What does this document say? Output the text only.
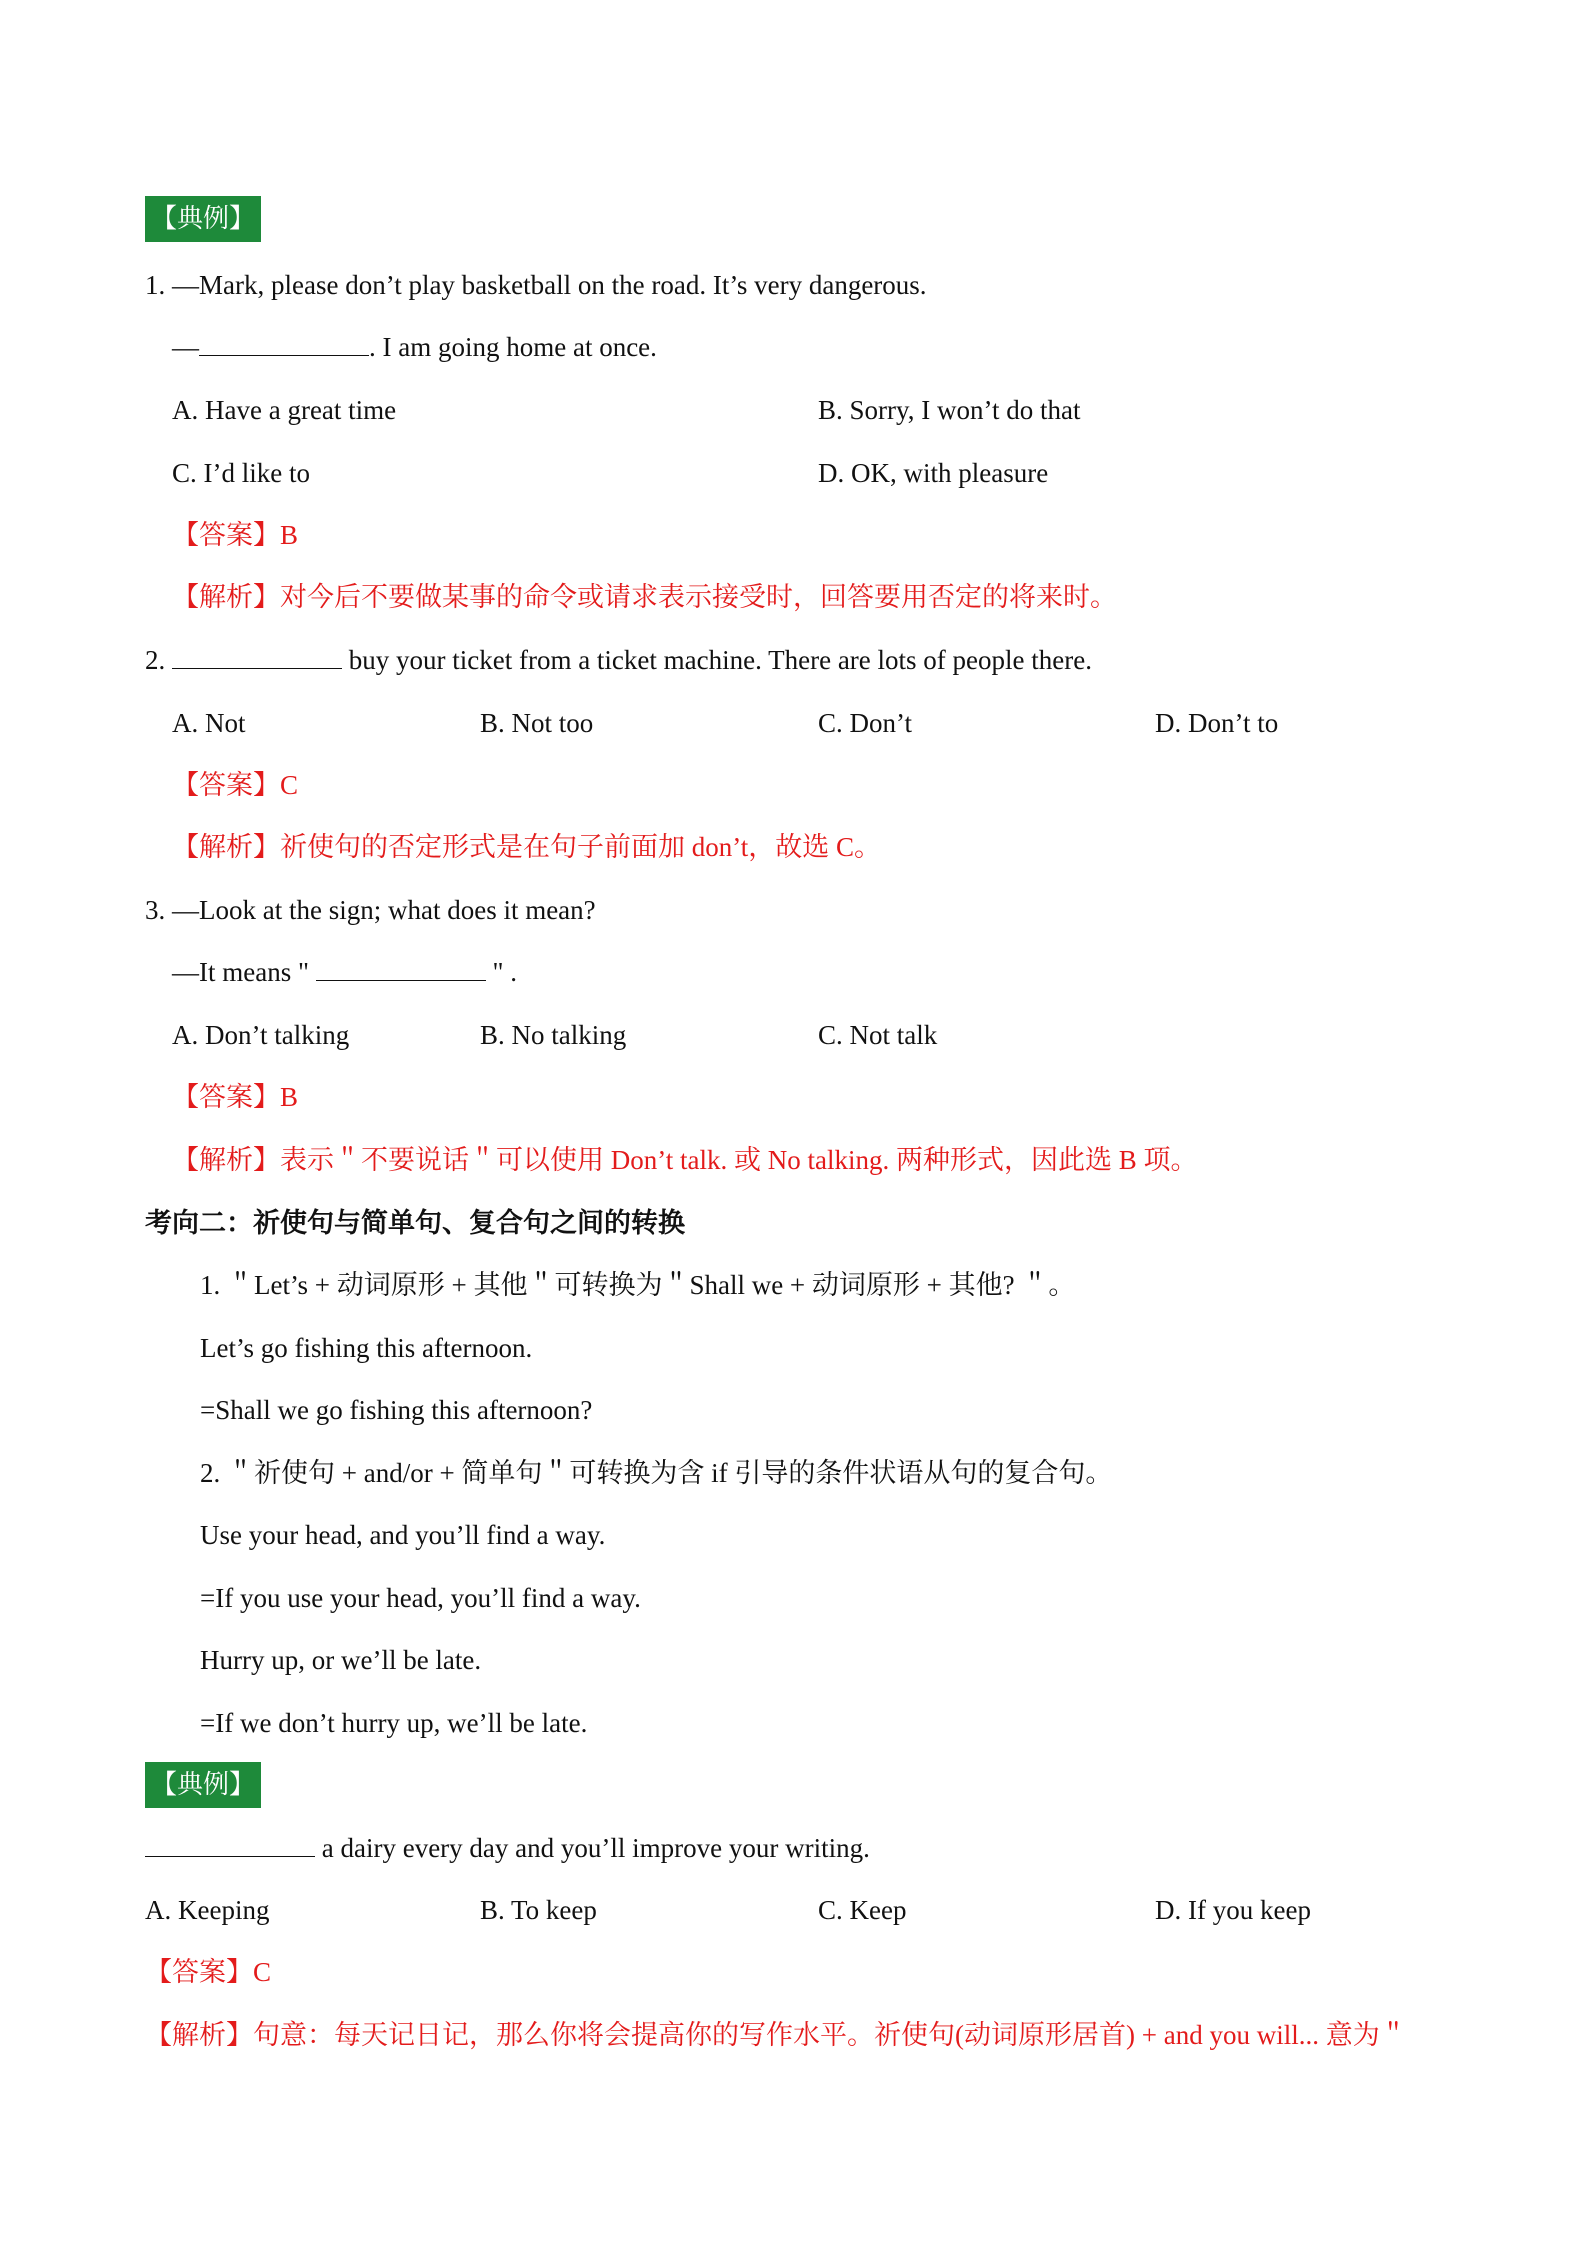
【典例】
1. —Mark, please don’t play basketball on the road. It’s very dangerous.
—	. I am going home at once.
A. Have a great time	B. Sorry, I won’t do that
C. I’d like to	D. OK, with pleasure
【答案】B
【解析】对今后不要做某事的命令或请求表示接受时，回答要用否定的将来时。
2.	buy your ticket from a ticket machine. There are lots of people there.
A. Not	B. Not too	C. Don’t	D. Don’t to
【答案】C
【解析】祈使句的否定形式是在句子前面加 don’t，故选 C。
3. —Look at the sign; what does it mean?
—It means "	" .
A. Don’t talking	B. No talking	C. Not talk
【答案】B
【解析】表示＂不要说话＂可以使用 Don’t talk. 或 No talking. 两种形式，因此选 B 项。
考向二：祈使句与简单句、复合句之间的转换
1. ＂Let’s + 动词原形 + 其他＂可转换为＂Shall we + 动词原形 + 其他? ＂。
Let’s go fishing this afternoon.
=Shall we go fishing this afternoon?
2. ＂祈使句 + and/or + 简单句＂可转换为含 if 引导的条件状语从句的复合句。
Use your head, and you’ll find a way.
=If you use your head, you’ll find a way.
Hurry up, or we’ll be late.
=If we don’t hurry up, we’ll be late.
【典例】
a dairy every day and you’ll improve your writing.
A. Keeping	B. To keep	C. Keep	D. If you keep
【答案】C
【解析】句意：每天记日记，那么你将会提高你的写作水平。祈使句(动词原形居首) + and you will... 意为＂
